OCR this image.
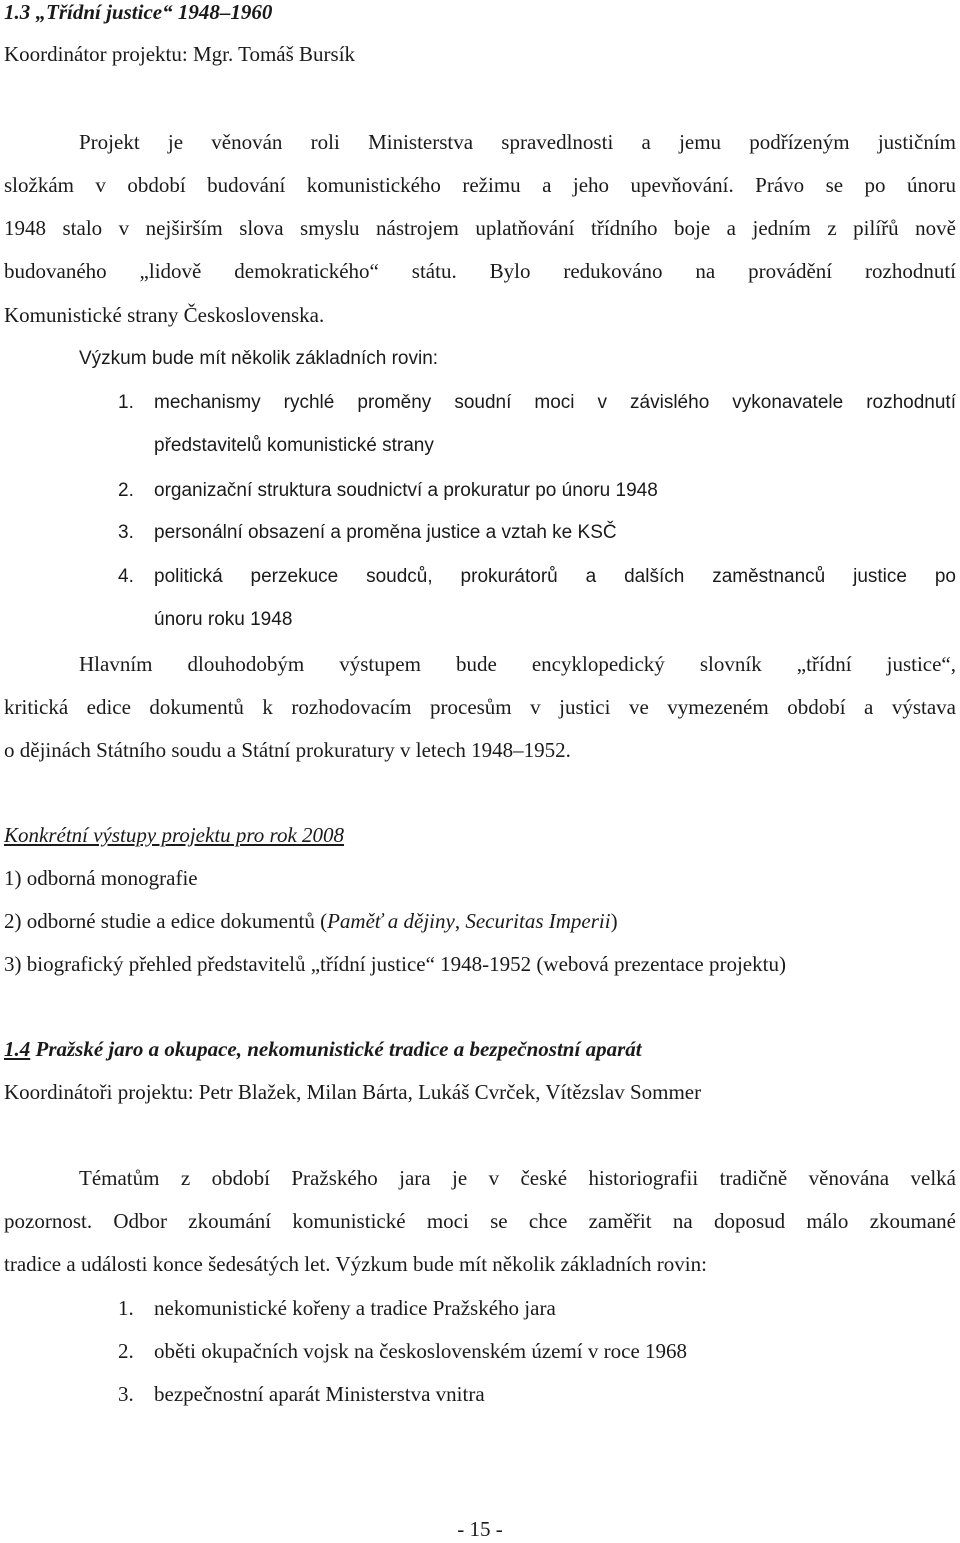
1.3 „Třídní justice“ 1948–1960
Koordinátor projektu: Mgr. Tomáš Bursík
Projekt je věnován roli Ministerstva spravedlnosti a jemu podřízeným justičním
složkám v období budování komunistického režimu a jeho upevňování. Právo se po únoru
1948 stalo v nejširším slova smyslu nástrojem uplatňování třídního boje a jedním z pilířů nově
budovaného „lidově demokratického“ státu. Bylo redukováno na provádění rozhodnutí
Komunistické strany Československa.
Výzkum bude mít několik základních rovin:
1. mechanismy rychlé proměny soudní moci v závislého vykonavatele rozhodnutí
představitelů komunistické strany
2. organizační struktura soudnictví a prokuratur po únoru 1948
3. personální obsazení a proměna justice a vztah ke KSČ
4. politická perzekuce soudců, prokurátorů a dalších zaměstnanců justice po
únoru roku 1948
Hlavním dlouhodobým výstupem bude encyklopedický slovník „třídní justice“,
kritická edice dokumentů k rozhodovacím procesům v justici ve vymezeném období a výstava
o dějinách Státního soudu a Státní prokuratury v letech 1948–1952.
Konkrétní výstupy projektu pro rok 2008
1) odborná monografie
2) odborné studie a edice dokumentů (Paměť a dějiny, Securitas Imperii)
3) biografický přehled představitelů „třídní justice“ 1948-1952 (webová prezentace projektu)
1.4 Pražské jaro a okupace, nekomunistické tradice a bezpečnostní aparát
Koordinátoři projektu: Petr Blažek, Milan Bárta, Lukáš Cvrček, Vítězslav Sommer
Tématům z období Pražského jara je v české historiografii tradičně věnována velká
pozornost. Odbor zkoumání komunistické moci se chce zaměřit na doposud málo zkoumané
tradice a události konce šedesátých let. Výzkum bude mít několik základních rovin:
1. nekomunistické kořeny a tradice Pražského jara
2. oběti okupačních vojsk na československém území v roce 1968
3. bezpečnostní aparát Ministerstva vnitra
- 15 -
